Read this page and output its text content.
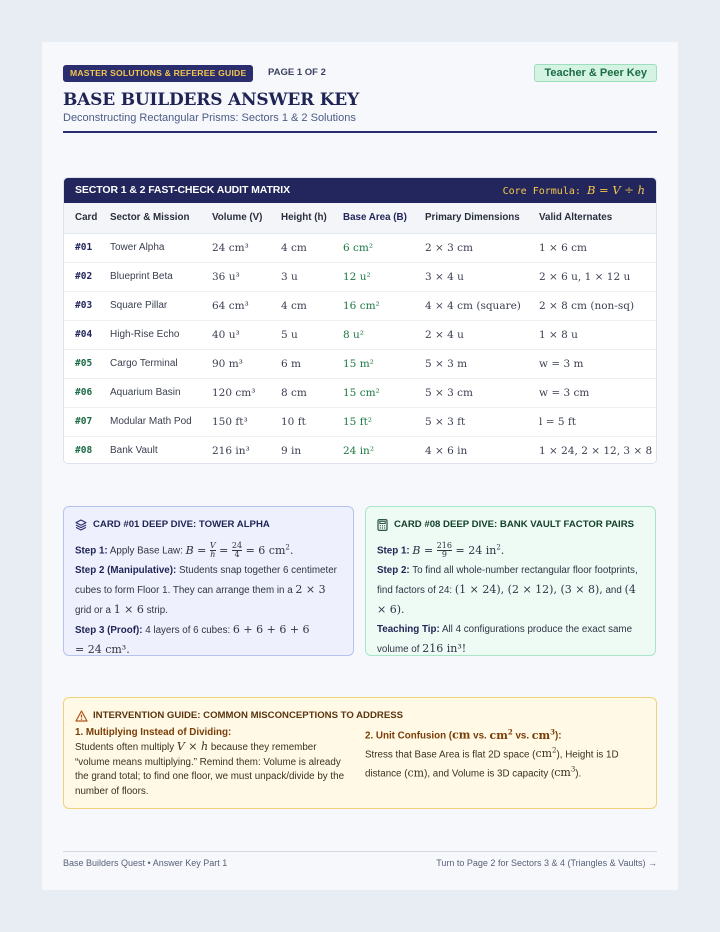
MASTER SOLUTIONS & REFEREE GUIDE	PAGE 1 OF 2	Teacher & Peer Key
BASE BUILDERS ANSWER KEY
Deconstructing Rectangular Prisms: Sectors 1 & 2 Solutions
SECTOR 1 & 2 FAST-CHECK AUDIT MATRIX	Core Formula: B = V ÷ h
Card	Sector & Mission	Volume (V)	Height (h)	Base Area (B)	Primary Dimensions	Valid Alternates
#01	Tower Alpha	24 cm³	4 cm	6 cm²	2 × 3 cm	1 × 6 cm
#02	Blueprint Beta	36 u³	3 u	12 u²	3 × 4 u	2 × 6 u, 1 × 12 u
#03	Square Pillar	64 cm³	4 cm	16 cm²	4 × 4 cm (square)	2 × 8 cm (non-sq)
#04	High-Rise Echo	40 u³	5 u	8 u²	2 × 4 u	1 × 8 u
#05	Cargo Terminal	90 m³	6 m	15 m²	5 × 3 m	w = 3 m
#06	Aquarium Basin	120 cm³	8 cm	15 cm²	5 × 3 cm	w = 3 cm
#07	Modular Math Pod	150 ft³	10 ft	15 ft²	5 × 3 ft	l = 5 ft
#08	Bank Vault	216 in³	9 in	24 in²	4 × 6 in	1 × 24, 2 × 12, 3 × 8
CARD #01 DEEP DIVE: TOWER ALPHA

Step 1: Apply Base Law: $B = \frac{V}{h} = \frac{24}{4} = 6$ $cm^2$.

Step 2 (Manipulative): Students snap together 6 centimeter cubes to form Floor 1. They can arrange them in a 2 × 3 grid or a 1 × 6 strip.

Step 3 (Proof): 4 layers of 6 cubes: 6 + 6 + 6 + 6
= 24 cm³.

CARD #08 DEEP DIVE: BANK VAULT FACTOR PAIRS

Step 1: $B = \frac{216}{9} = 24$ $in^2$.

Step 2: To find all whole-number rectangular floor footprints, find factors of 24: (1 × 24), (2 × 12), (3 × 8), and (4 × 6).

Teaching Tip: All 4 configurations produce the exact same volume of 216 in³!

INTERVENTION GUIDE: COMMON MISCONCEPTIONS TO ADDRESS
1. Multiplying Instead of Dividing:

Students often multiply V × h because they remember “volume means multiplying.” Remind them: Volume is already the grand total; to find one floor, we must unpack/divide by the number of floors.

2. Unit Confusion (cm vs. $cm^2$ vs. $cm^3$):

Stress that Base Area is flat 2D space $(cm^2)$, Height is 1D distance (cm), and Volume is 3D capacity $(cm^3)$.

Base Builders Quest • Answer Key Part 1	Turn to Page 2 for Sectors 3 & 4 (Triangles & Vaults) →
